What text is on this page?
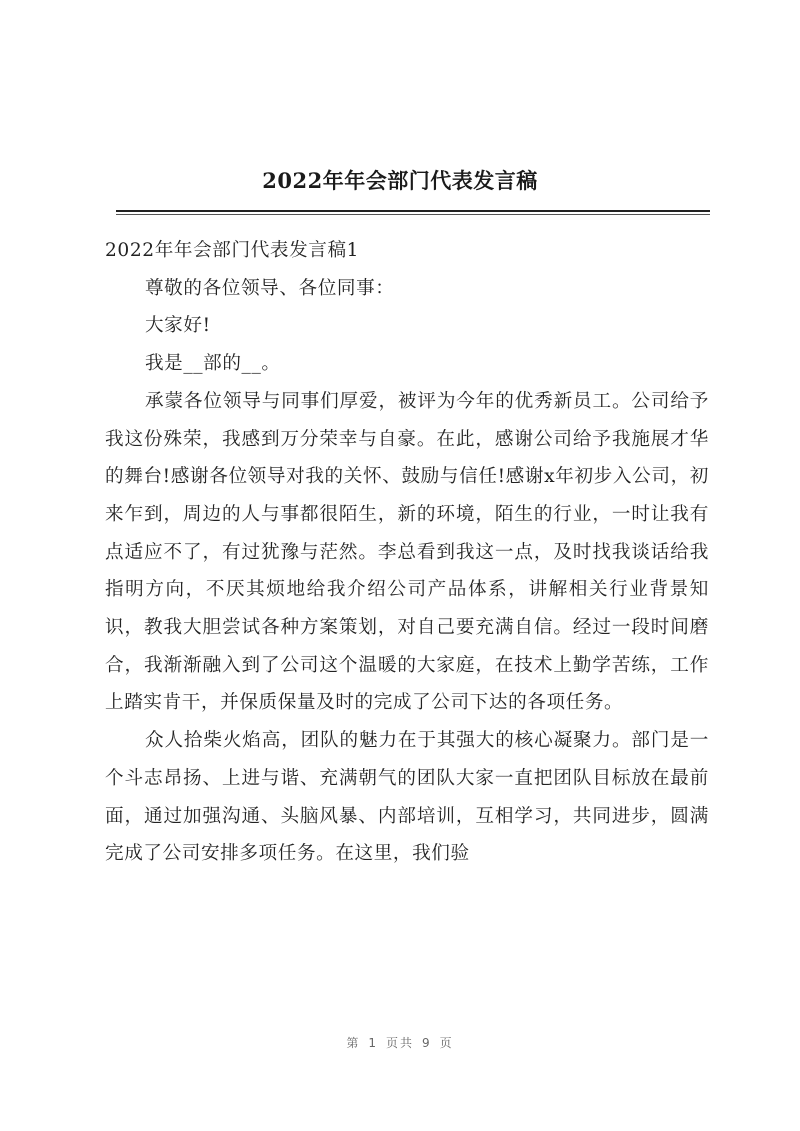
2022年年会部门代表发言稿

2022年年会部门代表发言稿1

尊敬的各位领导、各位同事：

大家好!

我是__部的__。

承蒙各位领导与同事们厚爱，被评为今年的优秀新员工。公司给予我这份殊荣，我感到万分荣幸与自豪。在此，感谢公司给予我施展才华的舞台!感谢各位领导对我的关怀、鼓励与信任!感谢x年初步入公司，初来乍到，周边的人与事都很陌生，新的环境，陌生的行业，一时让我有点适应不了，有过犹豫与茫然。李总看到我这一点，及时找我谈话给我指明方向，不厌其烦地给我介绍公司产品体系，讲解相关行业背景知识，教我大胆尝试各种方案策划，对自己要充满自信。经过一段时间磨合，我渐渐融入到了公司这个温暖的大家庭，在技术上勤学苦练，工作上踏实肯干，并保质保量及时的完成了公司下达的各项任务。

众人拾柴火焰高，团队的魅力在于其强大的核心凝聚力。部门是一个斗志昂扬、上进与谐、充满朝气的团队大家一直把团队目标放在最前面，通过加强沟通、头脑风暴、内部培训，互相学习，共同进步，圆满完成了公司安排多项任务。在这里，我们验

第 1 页共 9 页
